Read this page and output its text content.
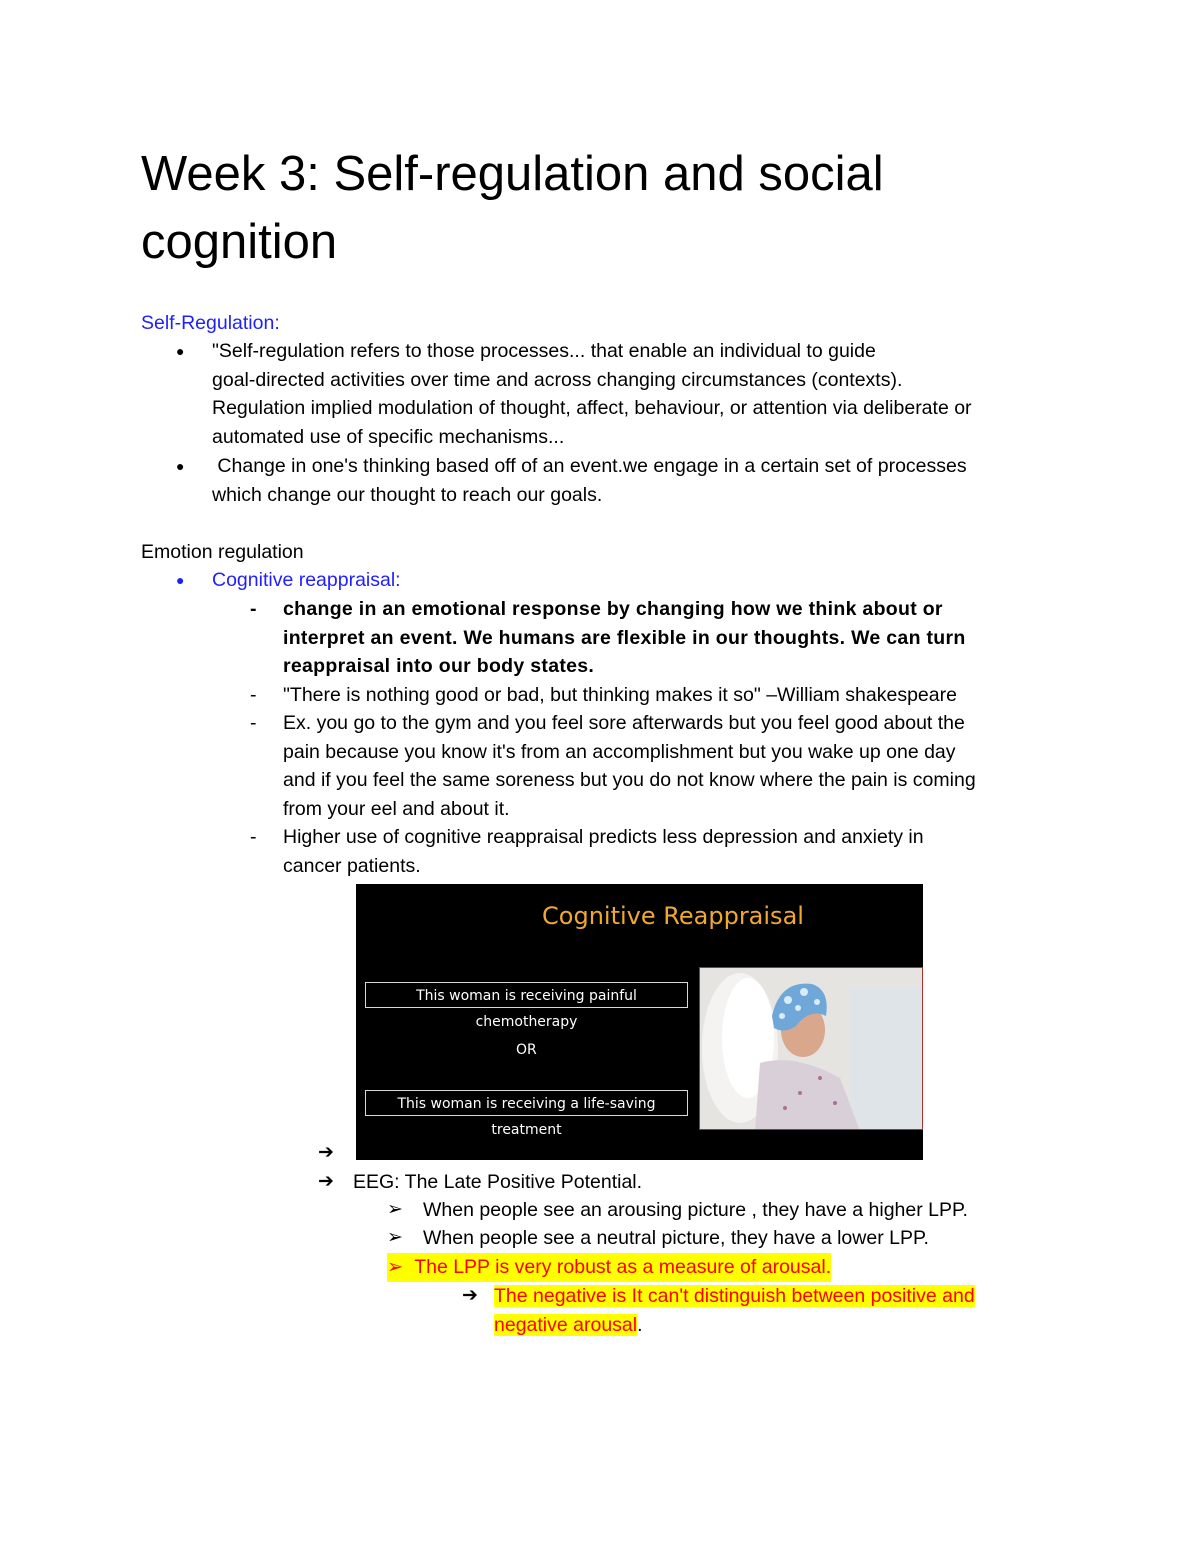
Week 3: Self-regulation and social cognition
Self-Regulation:
● "Self-regulation refers to those processes... that enable an individual to guide
goal-directed activities over time and across changing circumstances (contexts).
Regulation implied modulation of thought, affect, behaviour, or attention via deliberate or
automated use of specific mechanisms...
● Change in one's thinking based off of an event.we engage in a certain set of processes
which change our thought to reach our goals.
Emotion regulation
● Cognitive reappraisal:
- change in an emotional response by changing how we think about or
interpret an event. We humans are flexible in our thoughts. We can turn
reappraisal into our body states.
- "There is nothing good or bad, but thinking makes it so" –William shakespeare
- Ex. you go to the gym and you feel sore afterwards but you feel good about the
pain because you know it's from an accomplishment but you wake up one day
and if you feel the same soreness but you do not know where the pain is coming
from your eel and about it.
- Higher use of cognitive reappraisal predicts less depression and anxiety in
cancer patients.
Cognitive Reappraisal
This woman is receiving painful chemotherapy
OR
This woman is receiving a life-saving treatment
➔
➔ EEG: The Late Positive Potential.
➢ When people see an arousing picture , they have a higher LPP.
➢ When people see a neutral picture, they have a lower LPP.
➢ The LPP is very robust as a measure of arousal.
➔ The negative is It can't distinguish between positive and
negative arousal.
